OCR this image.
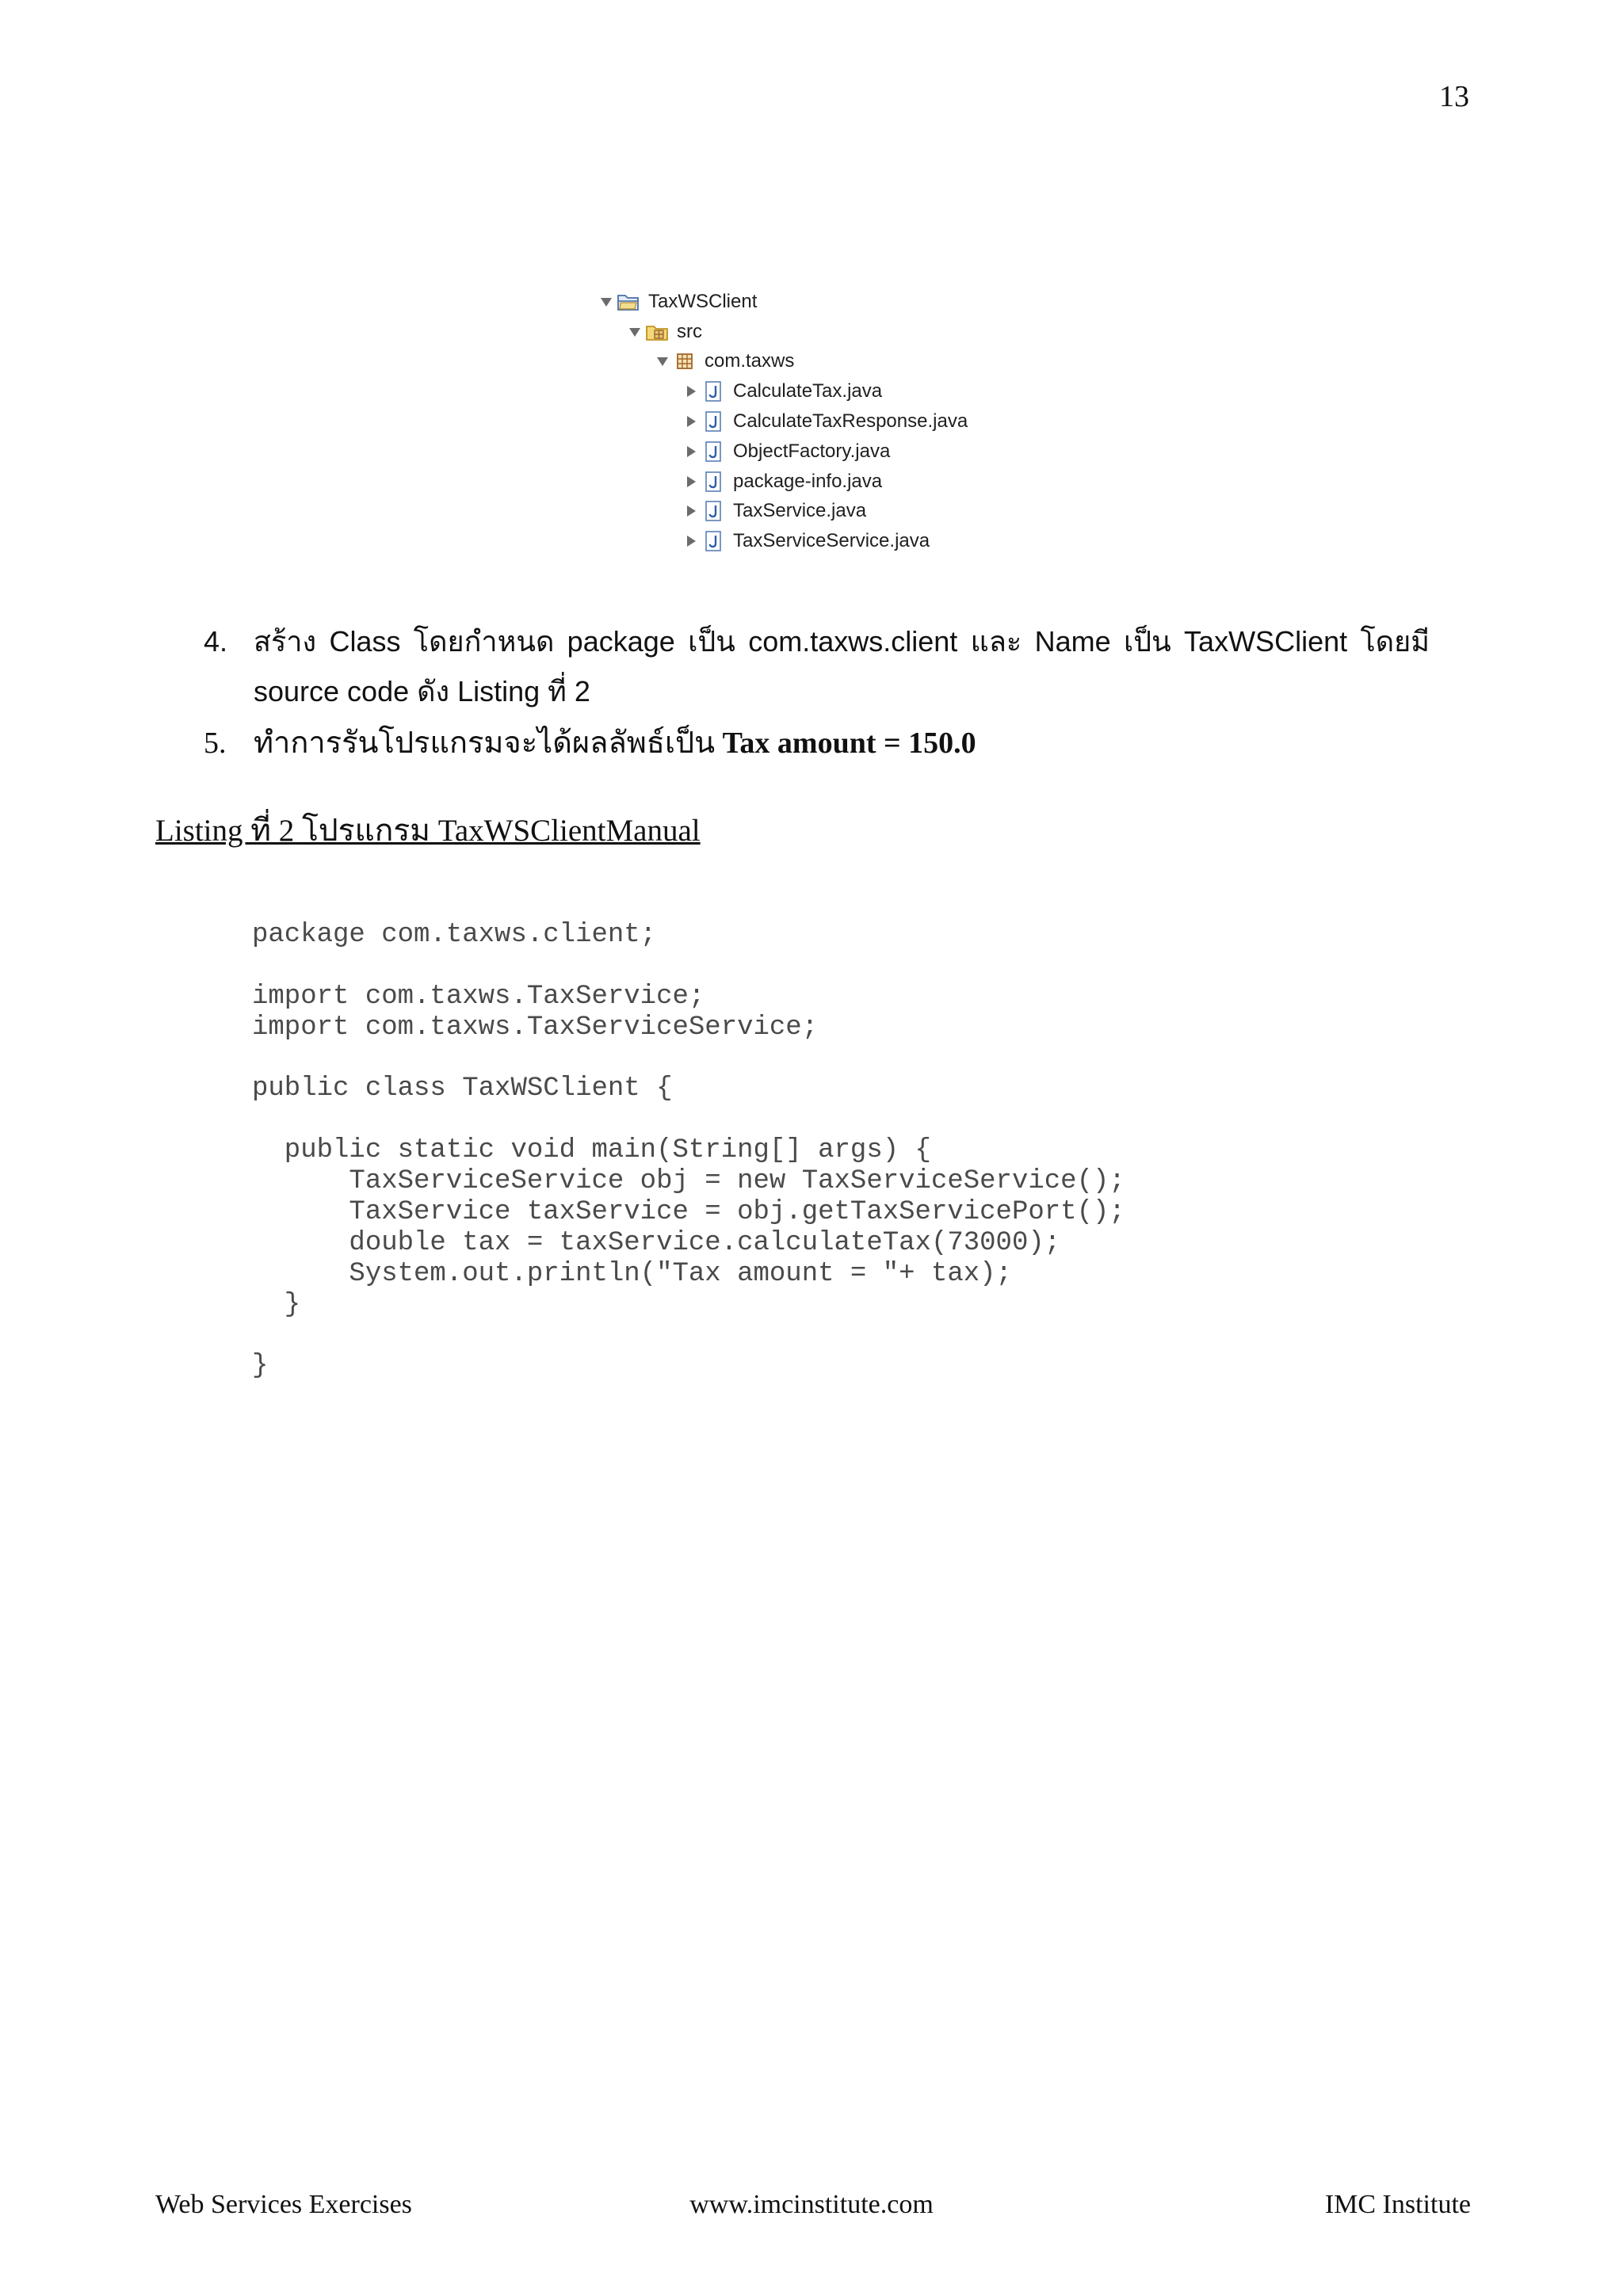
13
TaxWSClient
src
com.taxws
CalculateTax.java
CalculateTaxResponse.java
ObjectFactory.java
package-info.java
TaxService.java
TaxServiceService.java
4. สร้าง Class โดยกำหนด package เป็น com.taxws.client และ Name เป็น TaxWSClient โดยมี
source code ดัง Listing ที่ 2
5. ทำการรันโปรแกรมจะได้ผลลัพธ์เป็น Tax amount = 150.0
Listing ที่ 2 โปรแกรม TaxWSClientManual
package com.taxws.client;
import com.taxws.TaxService;
import com.taxws.TaxServiceService;
public class TaxWSClient {
public static void main(String[] args) {
TaxServiceService obj = new TaxServiceService();
TaxService taxService = obj.getTaxServicePort();
double tax = taxService.calculateTax(73000);
System.out.println("Tax amount = "+ tax);
}
}
Web Services Exercises	www.imcinstitute.com	IMC Institute
